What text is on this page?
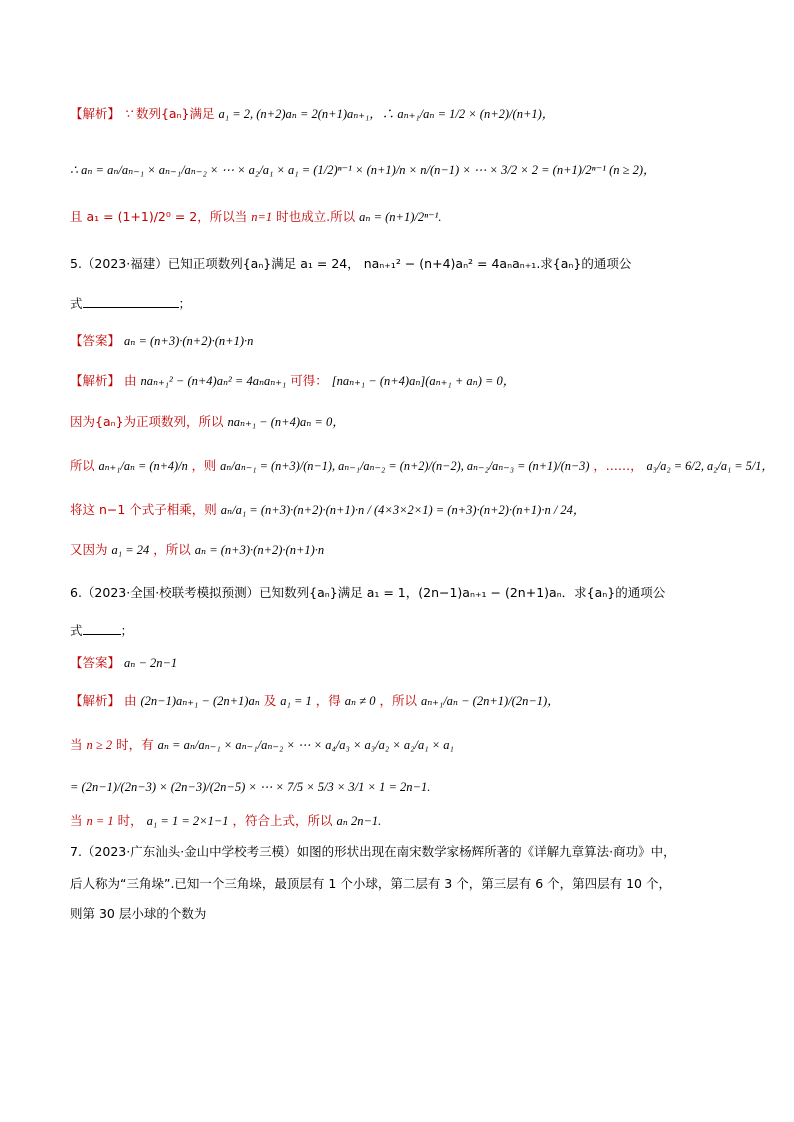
【解析】 ∵ 数列{aₙ}满足 a₁ = 2, (n+2)aₙ = 2(n+1)aₙ₊₁，∴ aₙ₊₁/aₙ = 1/2 × (n+2)/(n+1)，
∴ aₙ = aₙ/aₙ₋₁ × aₙ₋₁/aₙ₋₂ × ⋯ × a₂/a₁ × a₁ = (1/2)ⁿ⁻¹ × (n+1)/n × n/(n−1) × ⋯ × 3/2 × 2 = (n+1)/2ⁿ⁻¹ (n ≥ 2)，
且 a₁ = (1+1)/2⁰ = 2，所以当 n=1 时也成立.所以 aₙ = (n+1)/2ⁿ⁻¹.
5.（2023·福建）已知正项数列{aₙ}满足 a₁ = 24， naₙ₊₁² − (n+4)aₙ² = 4aₙaₙ₊₁.求{aₙ}的通项公
式	；
【答案】 aₙ = (n+3)·(n+2)·(n+1)·n
【解析】 由 naₙ₊₁² − (n+4)aₙ² = 4aₙaₙ₊₁ 可得： [naₙ₊₁ − (n+4)aₙ](aₙ₊₁ + aₙ) = 0，
因为{aₙ}为正项数列，所以 naₙ₊₁ − (n+4)aₙ = 0，
所以 aₙ₊₁/aₙ = (n+4)/n ，则 aₙ/aₙ₋₁ = (n+3)/(n−1), aₙ₋₁/aₙ₋₂ = (n+2)/(n−2), aₙ₋₂/aₙ₋₃ = (n+1)/(n−3) ，……， a₃/a₂ = 6/2, a₂/a₁ = 5/1，
将这 n−1 个式子相乘，则 aₙ/a₁ = (n+3)·(n+2)·(n+1)·n / (4×3×2×1) = (n+3)·(n+2)·(n+1)·n / 24，
又因为 a₁ = 24 ，所以 aₙ = (n+3)·(n+2)·(n+1)·n
6.（2023·全国·校联考模拟预测）已知数列{aₙ}满足 a₁ = 1，(2n−1)aₙ₊₁ − (2n+1)aₙ．求{aₙ}的通项公
式	；
【答案】 aₙ − 2n−1
【解析】 由 (2n−1)aₙ₊₁ − (2n+1)aₙ 及 a₁ = 1 ，得 aₙ ≠ 0 ，所以 aₙ₊₁/aₙ − (2n+1)/(2n−1)，
当 n ≥ 2 时，有 aₙ = aₙ/aₙ₋₁ × aₙ₋₁/aₙ₋₂ × ⋯ × a₄/a₃ × a₃/a₂ × a₂/a₁ × a₁
= (2n−1)/(2n−3) × (2n−3)/(2n−5) × ⋯ × 7/5 × 5/3 × 3/1 × 1 = 2n−1.
当 n = 1 时， a₁ = 1 = 2×1−1 ，符合上式，所以 aₙ 2n−1.
7.（2023·广东汕头·金山中学校考三模）如图的形状出现在南宋数学家杨辉所著的《详解九章算法·商功》中，
后人称为“三角垛”.已知一个三角垛，最顶层有 1 个小球，第二层有 3 个，第三层有 6 个，第四层有 10 个，
则第 30 层小球的个数为
